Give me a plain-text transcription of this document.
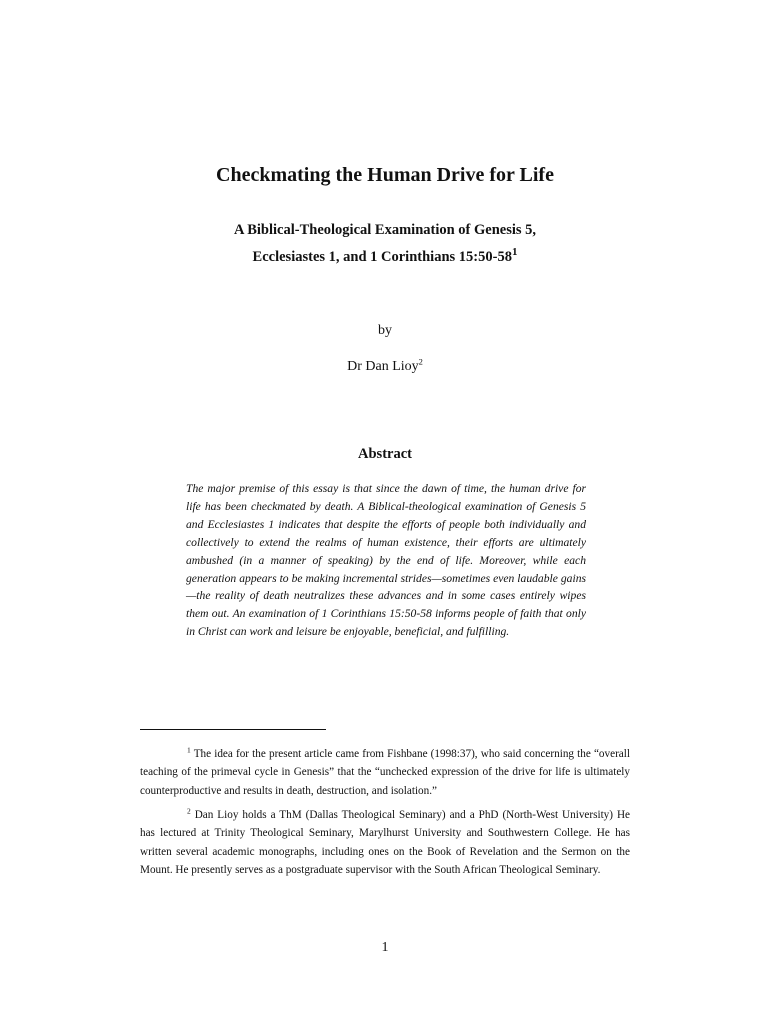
Checkmating the Human Drive for Life
A Biblical-Theological Examination of Genesis 5,
Ecclesiastes 1, and 1 Corinthians $15:50-58^1$
by
Dr Dan Lioy$^2$
Abstract
The major premise of this essay is that since the dawn of time, the human drive for life has been checkmated by death. A Biblical-theological examination of Genesis 5 and Ecclesiastes 1 indicates that despite the efforts of people both individually and collectively to extend the realms of human existence, their efforts are ultimately ambushed (in a manner of speaking) by the end of life. Moreover, while each generation appears to be making incremental strides—sometimes even laudable gains—the reality of death neutralizes these advances and in some cases entirely wipes them out. An examination of 1 Corinthians 15:50-58 informs people of faith that only in Christ can work and leisure be enjoyable, beneficial, and fulfilling.
$^1$ The idea for the present article came from Fishbane (1998:37), who said concerning the “overall teaching of the primeval cycle in Genesis” that the “unchecked expression of the drive for life is ultimately counterproductive and results in death, destruction, and isolation.”
$^2$ Dan Lioy holds a ThM (Dallas Theological Seminary) and a PhD (North-West University) He has lectured at Trinity Theological Seminary, Marylhurst University and Southwestern College. He has written several academic monographs, including ones on the Book of Revelation and the Sermon on the Mount. He presently serves as a postgraduate supervisor with the South African Theological Seminary.
1
